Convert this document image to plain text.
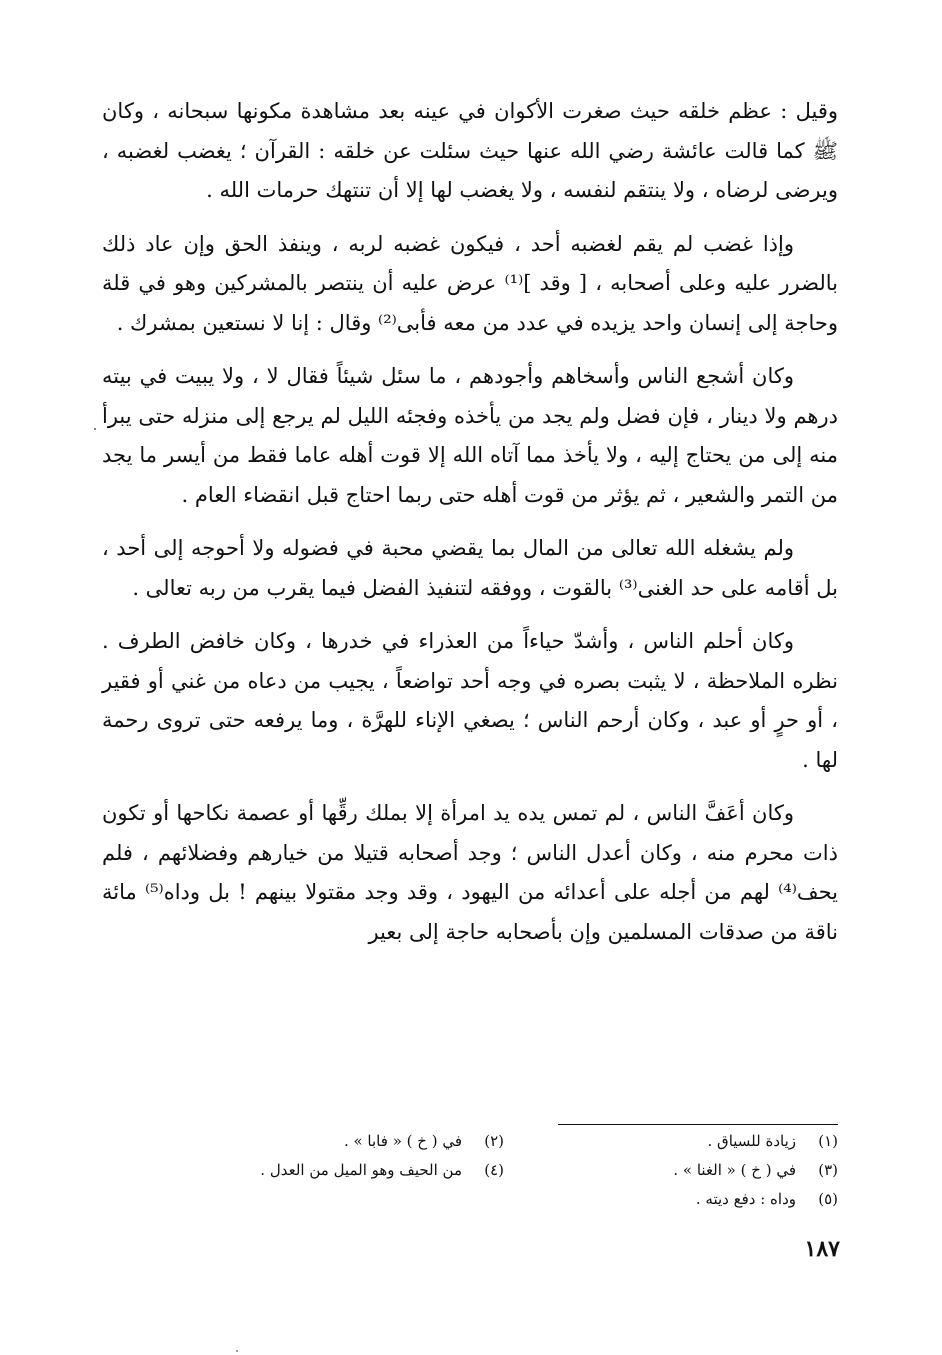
وقيل : عظم خلقه حيث صغرت الأكوان في عينه بعد مشاهدة مكونها سبحانه ، وكان ﷺ كما قالت عائشة رضي الله عنها حيث سئلت عن خلقه : القرآن ؛ يغضب لغضبه ، ويرضى لرضاه ، ولا ينتقم لنفسه ، ولا يغضب لها إلا أن تنتهك حرمات الله .

وإذا غضب لم يقم لغضبه أحد ، فيكون غضبه لربه ، وينفذ الحق وإن عاد ذلك بالضرر عليه وعلى أصحابه ، [ وقد ]⁽¹⁾ عرض عليه أن ينتصر بالمشركين وهو في قلة وحاجة إلى إنسان واحد يزيده في عدد من معه فأبى⁽²⁾ وقال : إنا لا نستعين بمشرك .

وكان أشجع الناس وأسخاهم وأجودهم ، ما سئل شيئاً فقال لا ، ولا يبيت في بيته درهم ولا دينار ، فإن فضل ولم يجد من يأخذه وفجئه الليل لم يرجع إلى منزله حتى يبرأ منه إلى من يحتاج إليه ، ولا يأخذ مما آتاه الله إلا قوت أهله عاما فقط من أيسر ما يجد من التمر والشعير ، ثم يؤثر من قوت أهله حتى ربما احتاج قبل انقضاء العام .

ولم يشغله الله تعالى من المال بما يقضي محبة في فضوله ولا أحوجه إلى أحد ، بل أقامه على حد الغنى⁽³⁾ بالقوت ، ووفقه لتنفيذ الفضل فيما يقرب من ربه تعالى .

وكان أحلم الناس ، وأشدّ حياءاً من العذراء في خدرها ، وكان خافض الطرف . نظره الملاحظة ، لا يثبت بصره في وجه أحد تواضعاً ، يجيب من دعاه من غني أو فقير ، أو حرٍ أو عبد ، وكان أرحم الناس ؛ يصغي الإناء للهرَّة ، وما يرفعه حتى تروى رحمة لها .

وكان أعَفَّ الناس ، لم تمس يده يد امرأة إلا بملك رقِّها أو عصمة نكاحها أو تكون ذات محرم منه ، وكان أعدل الناس ؛ وجد أصحابه قتيلا من خيارهم وفضلائهم ، فلم يحف⁽⁴⁾ لهم من أجله على أعدائه من اليهود ، وقد وجد مقتولا بينهم ! بل وداه⁽⁵⁾ مائة ناقة من صدقات المسلمين وإن بأصحابه حاجة إلى بعير

(١)زيادة للسياق .
(٢)في ( خ ) « فابا » .
(٣)في ( خ ) « الغنا » .
(٤)من الحيف وهو الميل من العدل .
(٥)وداه : دفع ديته .
١٨٧
